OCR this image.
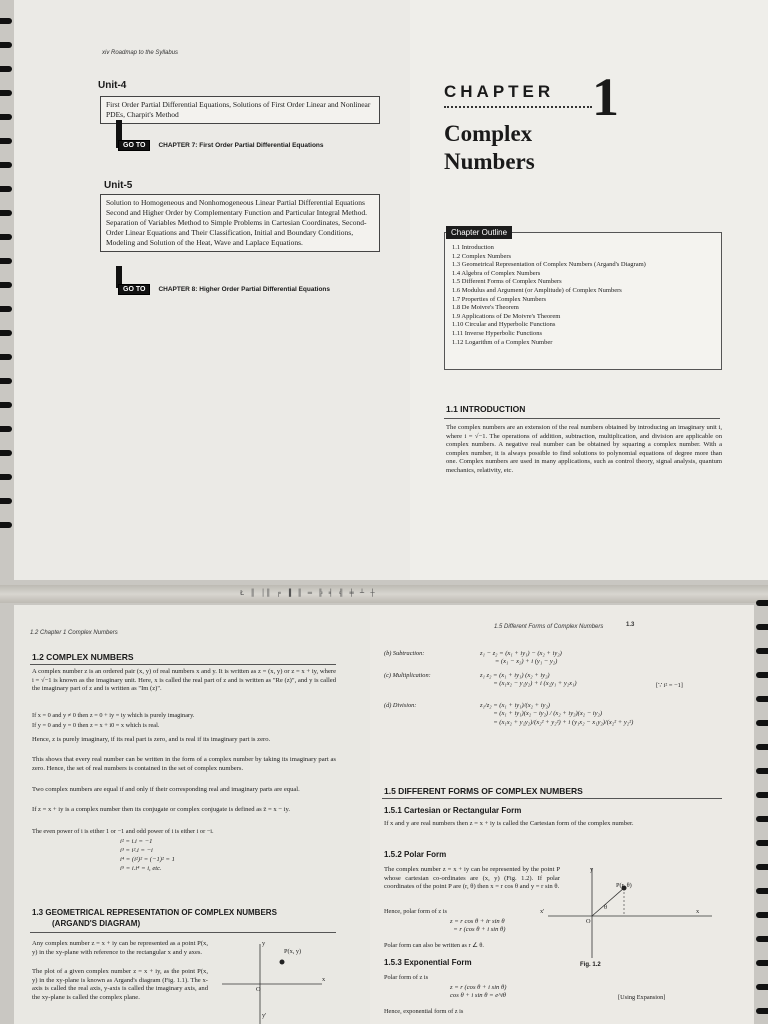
xiv Roadmap to the Syllabus
Unit-4
First Order Partial Differential Equations, Solutions of First Order Linear and Nonlinear PDEs, Charpit's Method
GO TO	CHAPTER 7: First Order Partial Differential Equations
Unit-5
Solution to Homogeneous and Nonhomogeneous Linear Partial Differential Equations Second and Higher Order by Complementary Function and Particular Integral Method. Separation of Variables Method to Simple Problems in Cartesian Coordinates, Second-Order Linear Equations and Their Classification, Initial and Boundary Conditions, Modeling and Solution of the Heat, Wave and Laplace Equations.
GO TO	CHAPTER 8: Higher Order Partial Differential Equations
CHAPTER 1
Complex
Numbers
Chapter Outline
1.1 Introduction
1.2 Complex Numbers
1.3 Geometrical Representation of Complex Numbers (Argand's Diagram)
1.4 Algebra of Complex Numbers
1.5 Different Forms of Complex Numbers
1.6 Modulus and Argument (or Amplitude) of Complex Numbers
1.7 Properties of Complex Numbers
1.8 De Moivre's Theorem
1.9 Applications of De Moivre's Theorem
1.10 Circular and Hyperbolic Functions
1.11 Inverse Hyperbolic Functions
1.12 Logarithm of a Complex Number
1.1 INTRODUCTION
The complex numbers are an extension of the real numbers obtained by introducing an imaginary unit i, where i = √−1. The operations of addition, subtraction, multiplication, and division are applicable on complex numbers. A negative real number can be obtained by squaring a complex number. With a complex number, it is always possible to find solutions to polynomial equations of degree more than one. Complex numbers are used in many applications, such as control theory, signal analysis, quantum mechanics, relativity, etc.
Ł ║ │║ ╒ ▐ ║ ═ ╠ ╡ ╣ ╪ ┴ ┼
1.2 Chapter 1 Complex Numbers
1.2 COMPLEX NUMBERS
A complex number z is an ordered pair (x, y) of real numbers x and y. It is written as z = (x, y) or z = x + iy, where i = √−1 is known as the imaginary unit. Here, x is called the real part of z and is written as "Re (z)", and y is called the imaginary part of z and is written as "Im (z)".
If x = 0 and y ≠ 0 then z = 0 + iy = iy which is purely imaginary.
If y = 0 and y = 0 then z = x + i0 = x which is real.
Hence, z is purely imaginary, if its real part is zero, and is real if its imaginary part is zero.
This shows that every real number can be written in the form of a complex number by taking its imaginary part as zero. Hence, the set of real numbers is contained in the set of complex numbers.
Two complex numbers are equal if and only if their corresponding real and imaginary parts are equal.
If z = x + iy is a complex number then its conjugate or complex conjugate is defined as z̄ = x − iy.
The even power of i is either 1 or −1 and odd power of i is either i or −i.
i² = i.i = −1
i³ = i².i = −i
i⁴ = (i²)² = (−1)² = 1
i⁵ = i.i⁴ = i, etc.
1.3 GEOMETRICAL REPRESENTATION OF COMPLEX NUMBERS
(ARGAND'S DIAGRAM)
Any complex number z = x + iy can be represented as a point P(x, y) in the xy-plane with reference to the rectangular x and y axes.
The plot of a given complex number z = x + iy, as the point P(x, y) in the xy-plane is known as Argand's diagram (Fig. 1.1). The x-axis is called the real axis, y-axis is called the imaginary axis, and the xy-plane is called the complex plane.
P(x, y)
y
x
y'
O
1.5 Different Forms of Complex Numbers	1.3
(b) Subtraction:	z₁ − z₂ = (x₁ + iy₁) − (x₂ + iy₂)
= (x₁ − x₂) + i (y₁ − y₂)
(c) Multiplication:	z₁ z₂ = (x₁ + iy₁) (x₂ + iy₂)
= (x₁x₂ − y₁y₂) + i (x₂y₁ + y₂x₁)	[∵ i² = −1]
(d) Division:	z₁/z₂ = (x₁ + iy₁)/(x₂ + iy₂)
= (x₁ + iy₁)(x₂ − iy₂) / (x₂ + iy₂)(x₂ − iy₂)
= (x₁x₂ + y₁y₂)/(x₂² + y₂²) + i (y₁x₂ − x₁y₂)/(x₂² + y₂²)
1.5 DIFFERENT FORMS OF COMPLEX NUMBERS
1.5.1 Cartesian or Rectangular Form
If x and y are real numbers then z = x + iy is called the Cartesian form of the complex number.
1.5.2 Polar Form
The complex number z = x + iy can be represented by the point P whose cartesian co-ordinates are (x, y) (Fig. 1.2). If polar coordinates of the point P are (r, θ) then x = r cos θ and y = r sin θ.
Hence, polar form of z is
z = r cos θ + ir sin θ
= r (cos θ + i sin θ)
Polar form can also be written as r ∠ θ.
1.5.3 Exponential Form
Polar form of z is
z = r (cos θ + i sin θ)
cos θ + i sin θ = e^iθ	[Using Expansion]
Hence, exponential form of z is
P(r, θ)
θ
O
x
x'
y
Fig. 1.2
